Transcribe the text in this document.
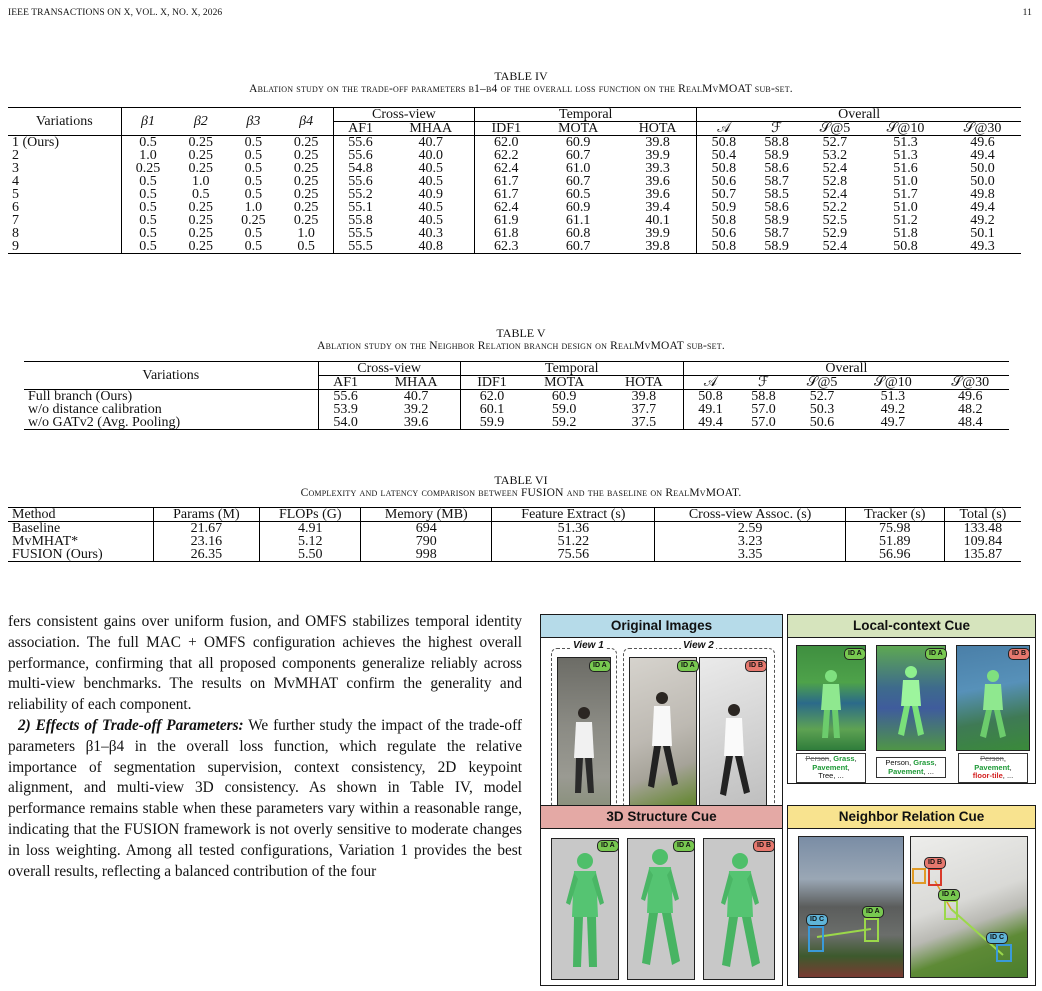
IEEE TRANSACTIONS ON X, VOL. X, NO. X, 2026	11
TABLE IV
Ablation study on the trade-off parameters β1–β4 of the overall loss function on the RealMvMOAT sub-set.
Variations	β1	β2	β3	β4	Cross-view		Temporal			Overall				
					AF1	MHAA	IDF1	MOTA	HOTA	𝒜	ℱ	𝒮@5	𝒮@10	𝒮@30
1 (Ours)	0.5	0.25	0.5	0.25	55.6	40.7	62.0	60.9	39.8	50.8	58.8	52.7	51.3	49.6
2	1.0	0.25	0.5	0.25	55.6	40.0	62.2	60.7	39.9	50.4	58.9	53.2	51.3	49.4
3	0.25	0.25	0.5	0.25	54.8	40.5	62.4	61.0	39.3	50.8	58.6	52.4	51.6	50.0
4	0.5	1.0	0.5	0.25	55.6	40.5	61.7	60.7	39.6	50.6	58.7	52.8	51.0	50.0
5	0.5	0.5	0.5	0.25	55.2	40.9	61.7	60.5	39.6	50.7	58.5	52.4	51.7	49.8
6	0.5	0.25	1.0	0.25	55.1	40.5	62.4	60.9	39.4	50.9	58.6	52.2	51.0	49.4
7	0.5	0.25	0.25	0.25	55.8	40.5	61.9	61.1	40.1	50.8	58.9	52.5	51.2	49.2
8	0.5	0.25	0.5	1.0	55.5	40.3	61.8	60.8	39.9	50.6	58.7	52.9	51.8	50.1
9	0.5	0.25	0.5	0.5	55.5	40.8	62.3	60.7	39.8	50.8	58.9	52.4	50.8	49.3
TABLE V
Ablation study on the Neighbor Relation branch design on RealMvMOAT sub-set.
Variations	Cross-view		Temporal			Overall				
	AF1	MHAA	IDF1	MOTA	HOTA	𝒜	ℱ	𝒮@5	𝒮@10	𝒮@30
Full branch (Ours)	55.6	40.7	62.0	60.9	39.8	50.8	58.8	52.7	51.3	49.6
w/o distance calibration	53.9	39.2	60.1	59.0	37.7	49.1	57.0	50.3	49.2	48.2
w/o GATv2 (Avg. Pooling)	54.0	39.6	59.9	59.2	37.5	49.4	57.0	50.6	49.7	48.4
TABLE VI
Complexity and latency comparison between FUSION and the baseline on RealMvMOAT.
Method	Params (M)	FLOPs (G)	Memory (MB)	Feature Extract (s)	Cross-view Assoc. (s)	Tracker (s)	Total (s)
Baseline	21.67	4.91	694	51.36	2.59	75.98	133.48
MvMHAT*	23.16	5.12	790	51.22	3.23	51.89	109.84
FUSION (Ours)	26.35	5.50	998	75.56	3.35	56.96	135.87

fers consistent gains over uniform fusion, and OMFS stabilizes temporal identity association. The full MAC + OMFS configuration achieves the highest overall performance, confirming that all proposed components generalize reliably across multi-view benchmarks. The results on MvMHAT confirm the generality and reliability of each component.

2) Effects of Trade-off Parameters: We further study the impact of the trade-off parameters β1–β4 in the overall loss function, which regulate the relative importance of segmentation supervision, context consistency, 2D keypoint alignment, and multi-view 3D consistency. As shown in Table IV, model performance remains stable when these parameters vary within a reasonable range, indicating that the FUSION framework is not overly sensitive to moderate changes in loss weighting. Among all tested configurations, Variation 1 provides the best overall results, reflecting a balanced contribution of the four

Original Images
View 1	View 2
ID A	ID A	ID B
Local-context Cue
ID A	ID A	ID B
Person, Grass,
Pavement,
Tree, ...
Person, Grass,
Pavement, ...
Person,
Pavement,
floor-tile, ...
3D Structure Cue
ID A	ID A	ID B
Neighbor Relation Cue
ID C
ID A
ID B
ID A
ID C
